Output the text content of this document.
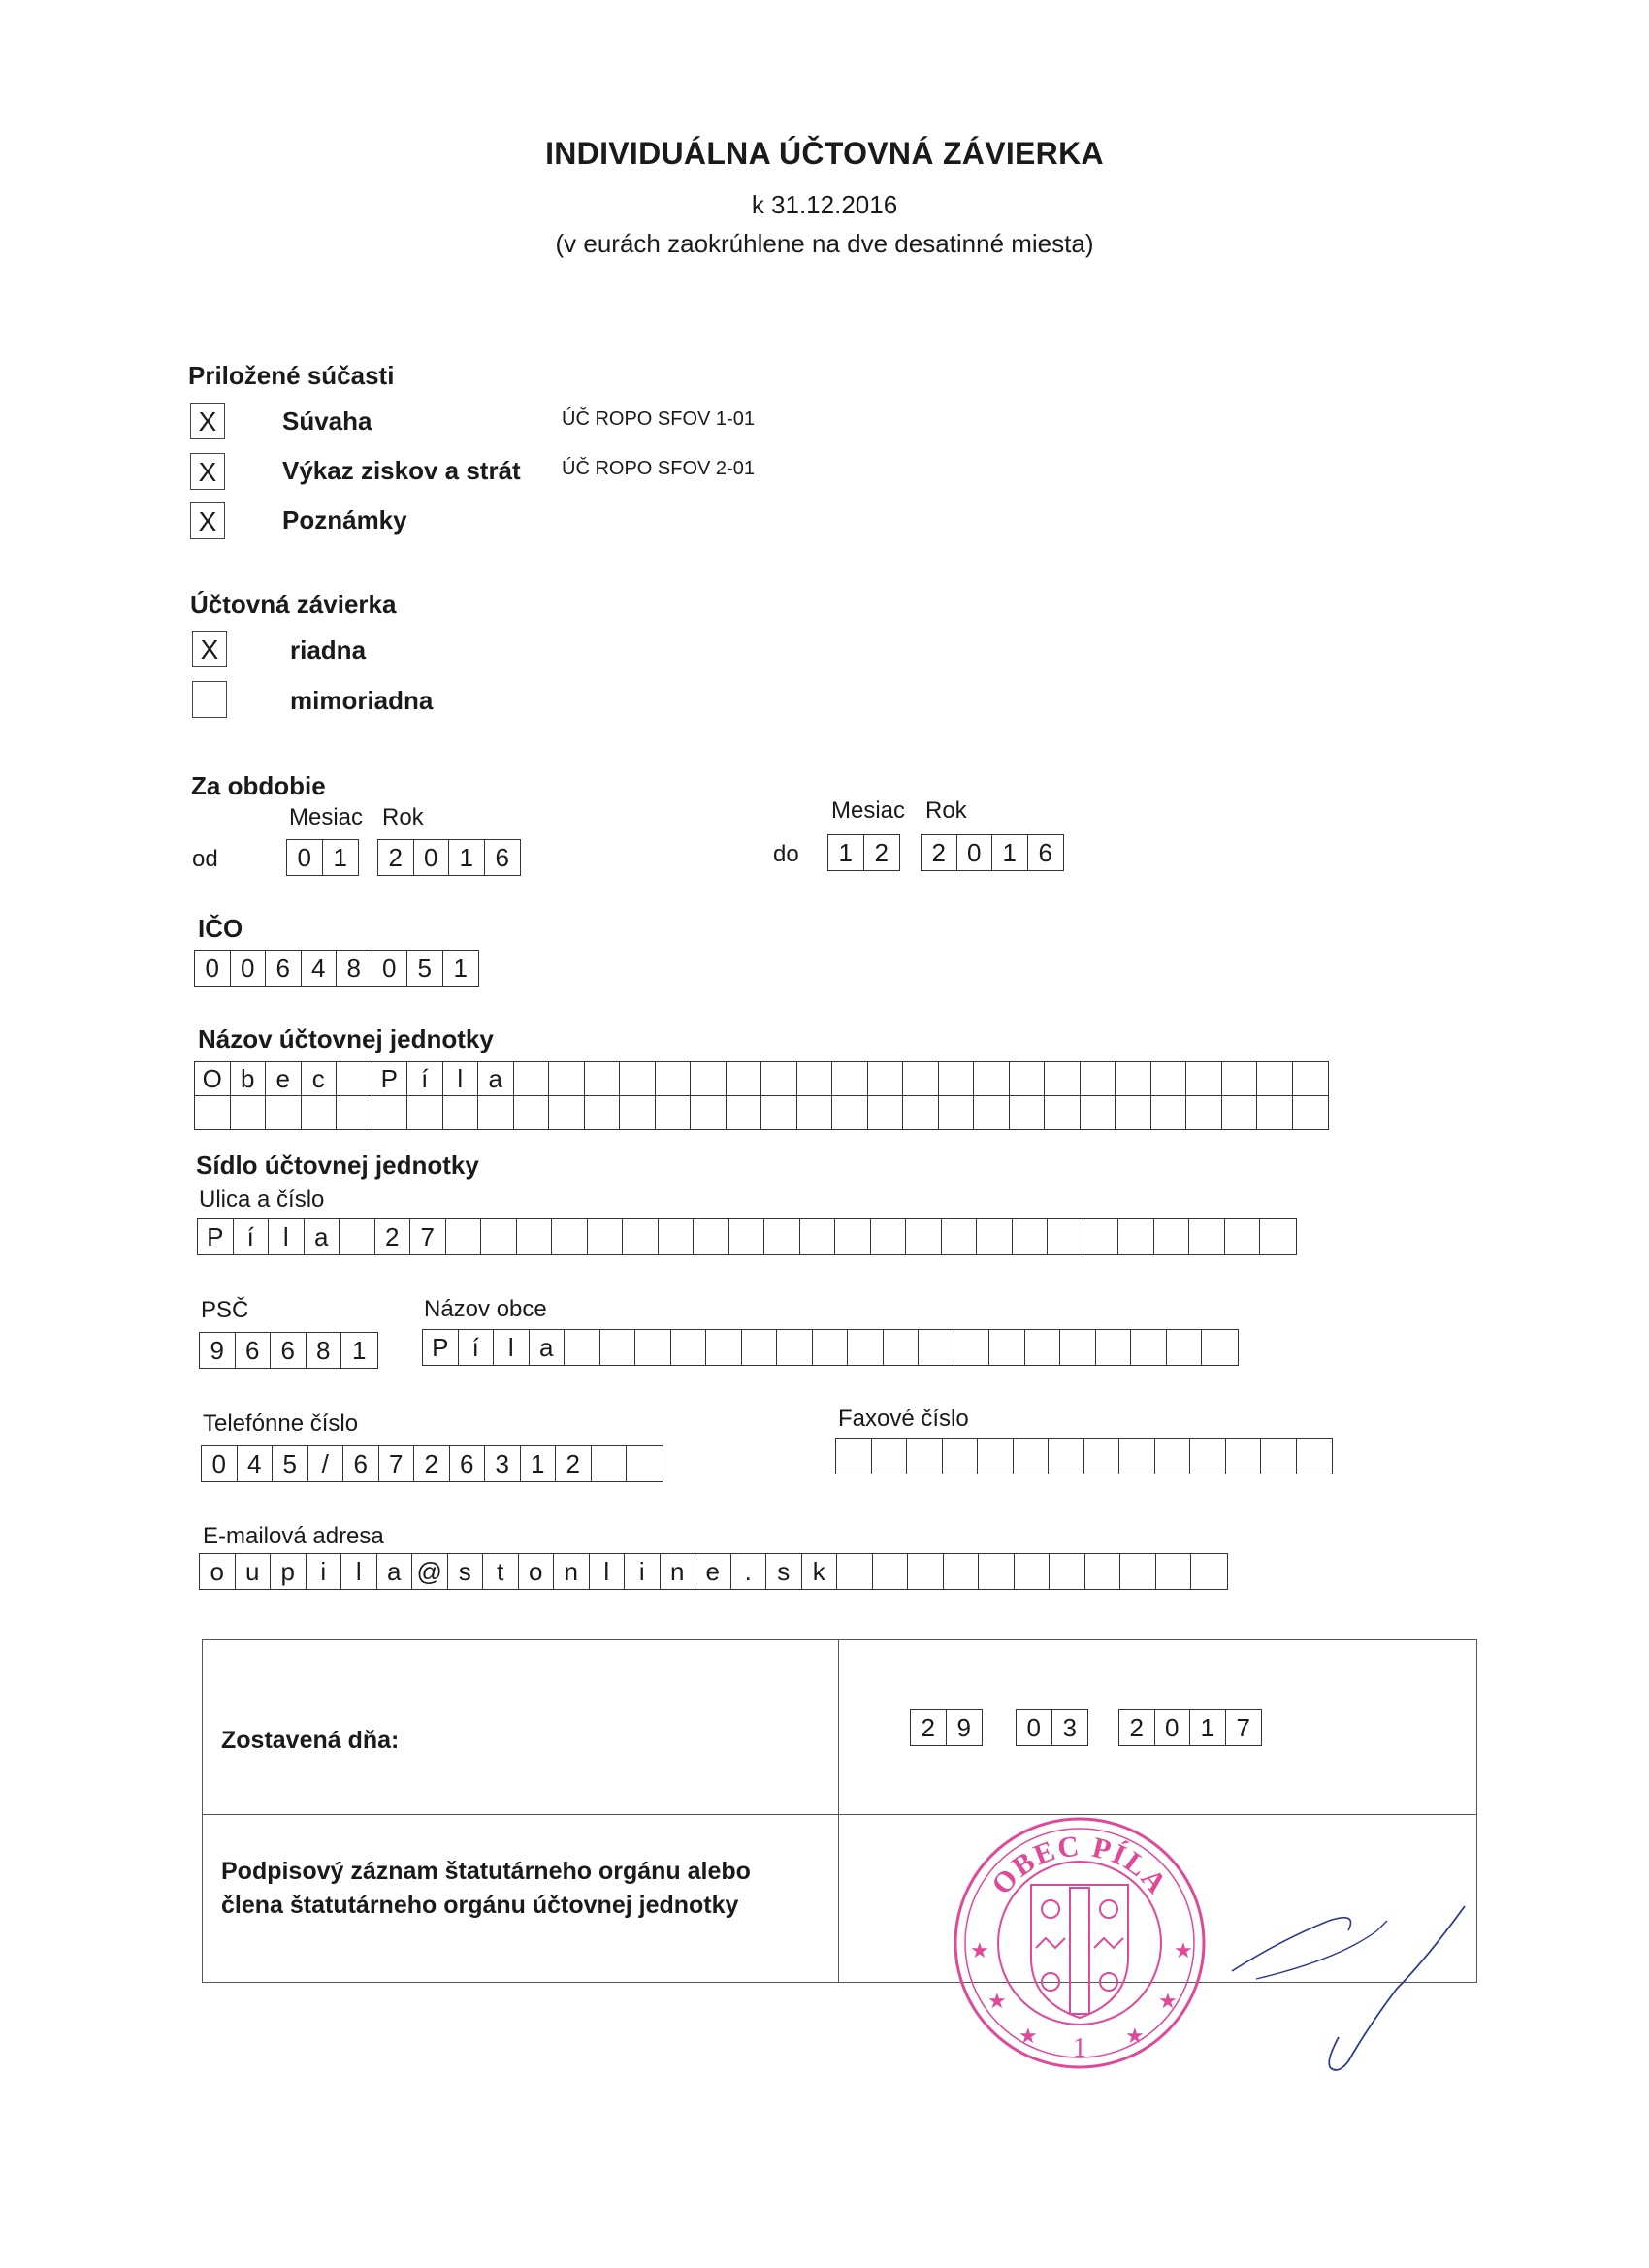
INDIVIDUÁLNA ÚČTOVNÁ ZÁVIERKA
k 31.12.2016
(v eurách zaokrúhlene na dve desatinné miesta)
Priložené súčasti
X	Súvaha	ÚČ ROPO SFOV 1-01
X	Výkaz ziskov a strát ÚČ ROPO SFOV 2-01
X	Poznámky
Účtovná závierka
X	riadna
mimoriadna
Za obdobie
Mesiac Rok
od	0 1	2 0 1 6
Mesiac Rok
do	1 2	2 0 1 6
IČO
0 0 6 4 8 0 5 1
Názov účtovnej jednotky
O b e c	P í	l	a
Sídlo účtovnej jednotky
Ulica a číslo
P í	l	a	2 7
PSČ
9 6 6 8 1
Názov obce
P í	l	a
Telefónne číslo
0 4 5 / 6 7 2 6 3 1 2
Faxové číslo
E-mailová adresa
o u p	i	l	a @ s	t o n	l	i	n e .	s k
Zostavená dňa:	2 9	0 3	2 0 1 7
Podpisový záznam štatutárneho orgánu alebo
člena štatutárneho orgánu účtovnej jednotky
OBEC PÍLA
1
★	★
★	★
★	★
